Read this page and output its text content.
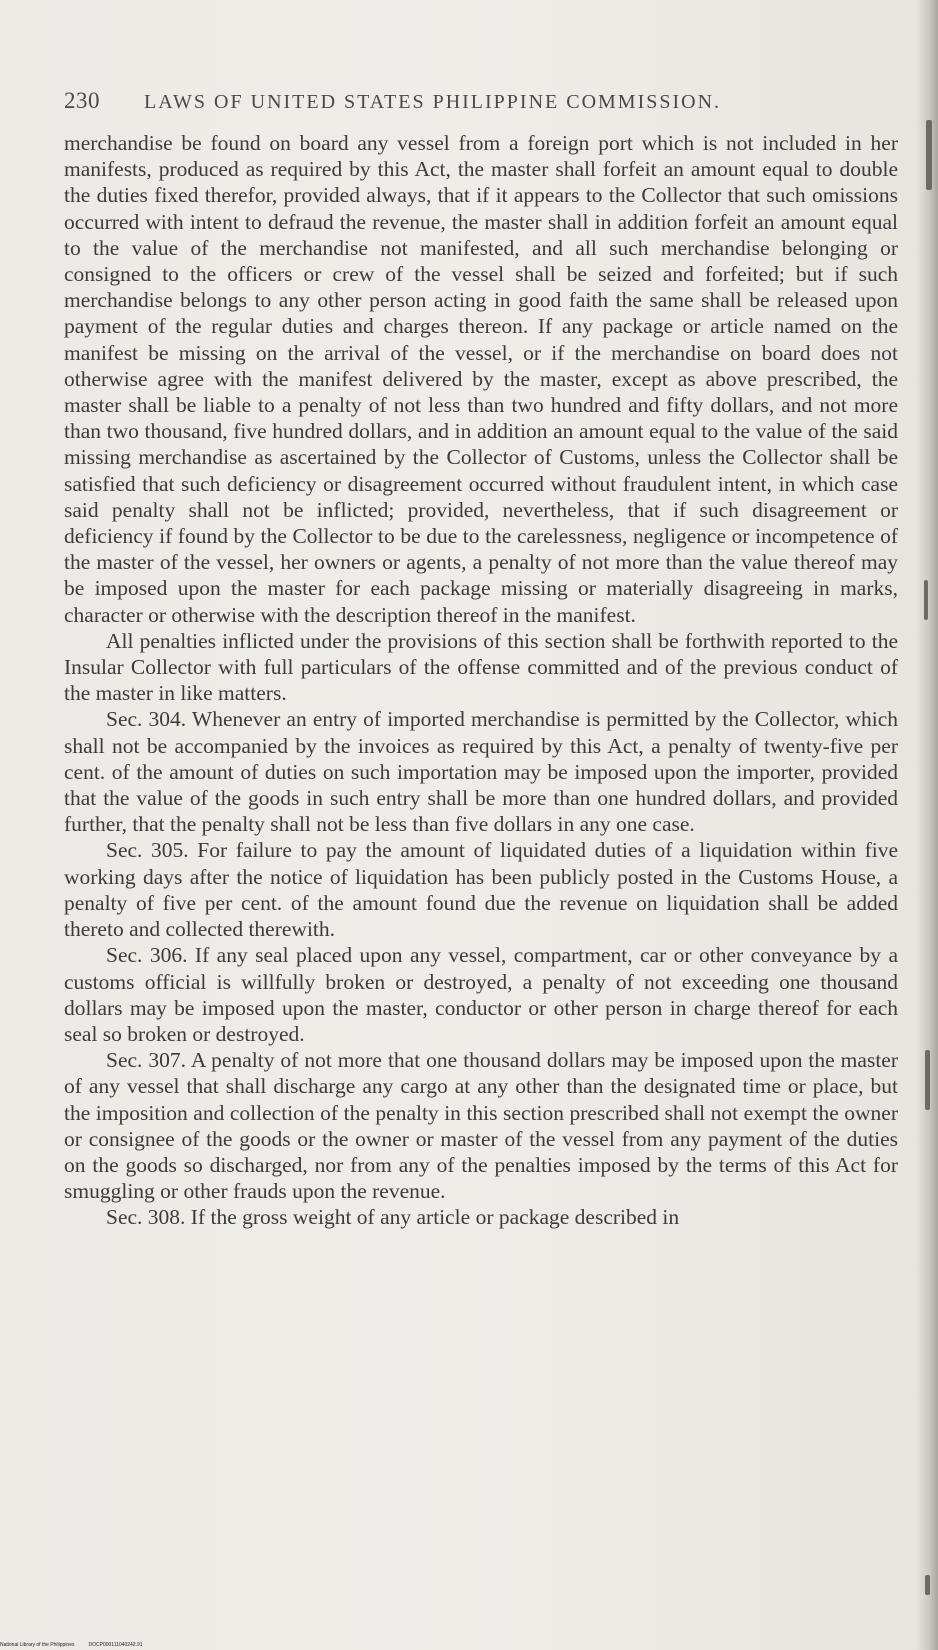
230 LAWS OF UNITED STATES PHILIPPINE COMMISSION.

merchandise be found on board any vessel from a foreign port which is not included in her manifests, produced as required by this Act, the master shall forfeit an amount equal to double the duties fixed therefor, provided always, that if it appears to the Collector that such omissions occurred with intent to defraud the revenue, the master shall in addition forfeit an amount equal to the value of the merchandise not manifested, and all such merchandise belonging or consigned to the officers or crew of the vessel shall be seized and forfeited; but if such merchandise belongs to any other person acting in good faith the same shall be released upon payment of the regular duties and charges thereon. If any package or article named on the manifest be missing on the arrival of the vessel, or if the merchandise on board does not otherwise agree with the manifest delivered by the master, except as above prescribed, the master shall be liable to a penalty of not less than two hundred and fifty dollars, and not more than two thousand, five hundred dollars, and in addition an amount equal to the value of the said missing merchandise as ascertained by the Collector of Customs, unless the Collector shall be satisfied that such deficiency or disagreement occurred without fraudulent intent, in which case said penalty shall not be inflicted; provided, nevertheless, that if such disagreement or deficiency if found by the Collector to be due to the carelessness, negligence or incompetence of the master of the vessel, her owners or agents, a penalty of not more than the value thereof may be imposed upon the master for each package missing or materially disagreeing in marks, character or otherwise with the description thereof in the manifest.

All penalties inflicted under the provisions of this section shall be forthwith reported to the Insular Collector with full particulars of the offense committed and of the previous conduct of the master in like matters.

Sec. 304. Whenever an entry of imported merchandise is permitted by the Collector, which shall not be accompanied by the invoices as required by this Act, a penalty of twenty-five per cent. of the amount of duties on such importation may be imposed upon the importer, provided that the value of the goods in such entry shall be more than one hundred dollars, and provided further, that the penalty shall not be less than five dollars in any one case.

Sec. 305. For failure to pay the amount of liquidated duties of a liquidation within five working days after the notice of liquidation has been publicly posted in the Customs House, a penalty of five per cent. of the amount found due the revenue on liquidation shall be added thereto and collected therewith.

Sec. 306. If any seal placed upon any vessel, compartment, car or other conveyance by a customs official is willfully broken or destroyed, a penalty of not exceeding one thousand dollars may be imposed upon the master, conductor or other person in charge thereof for each seal so broken or destroyed.

Sec. 307. A penalty of not more that one thousand dollars may be imposed upon the master of any vessel that shall discharge any cargo at any other than the designated time or place, but the imposition and collection of the penalty in this section prescribed shall not exempt the owner or consignee of the goods or the owner or master of the vessel from any payment of the duties on the goods so discharged, nor from any of the penalties imposed by the terms of this Act for smuggling or other frauds upon the revenue.

Sec. 308. If the gross weight of any article or package described in

National Library of the Philippines	DOCP000111040242.91
